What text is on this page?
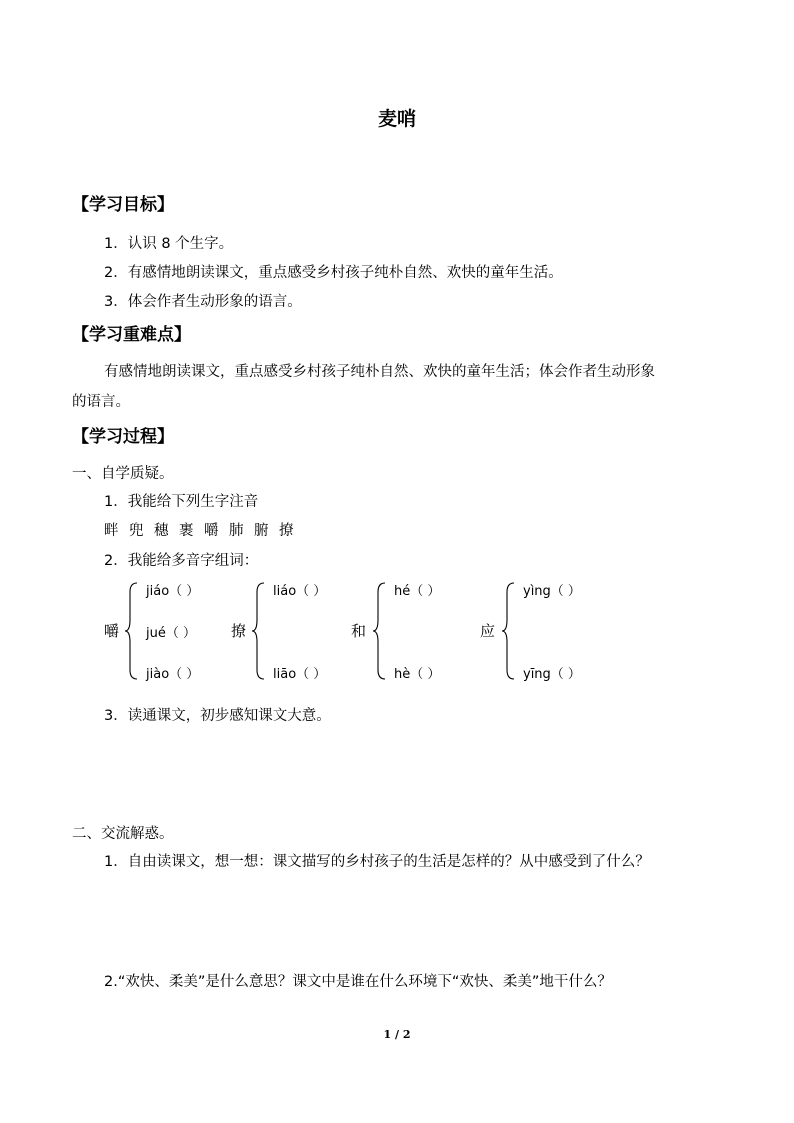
麦哨
【学习目标】
1．认识 8 个生字。
2．有感情地朗读课文，重点感受乡村孩子纯朴自然、欢快的童年生活。
3．体会作者生动形象的语言。
【学习重难点】
有感情地朗读课文，重点感受乡村孩子纯朴自然、欢快的童年生活；体会作者生动形象
的语言。
【学习过程】
一、自学质疑。
1．我能给下列生字注音
畔 兜 穗 裹 嚼 肺 腑 撩
2．我能给多音字组词：
嚼
jiáo（ ）
jué（ ）
jiào（ ）
撩
liáo（ ）
liāo（ ）
和
hé（ ）
hè（ ）
应
yìng（ ）
yīng（ ）
3．读通课文，初步感知课文大意。
二、交流解惑。
1．自由读课文，想一想：课文描写的乡村孩子的生活是怎样的？从中感受到了什么？
2.“欢快、柔美”是什么意思？课文中是谁在什么环境下“欢快、柔美”地干什么？
1 / 2
